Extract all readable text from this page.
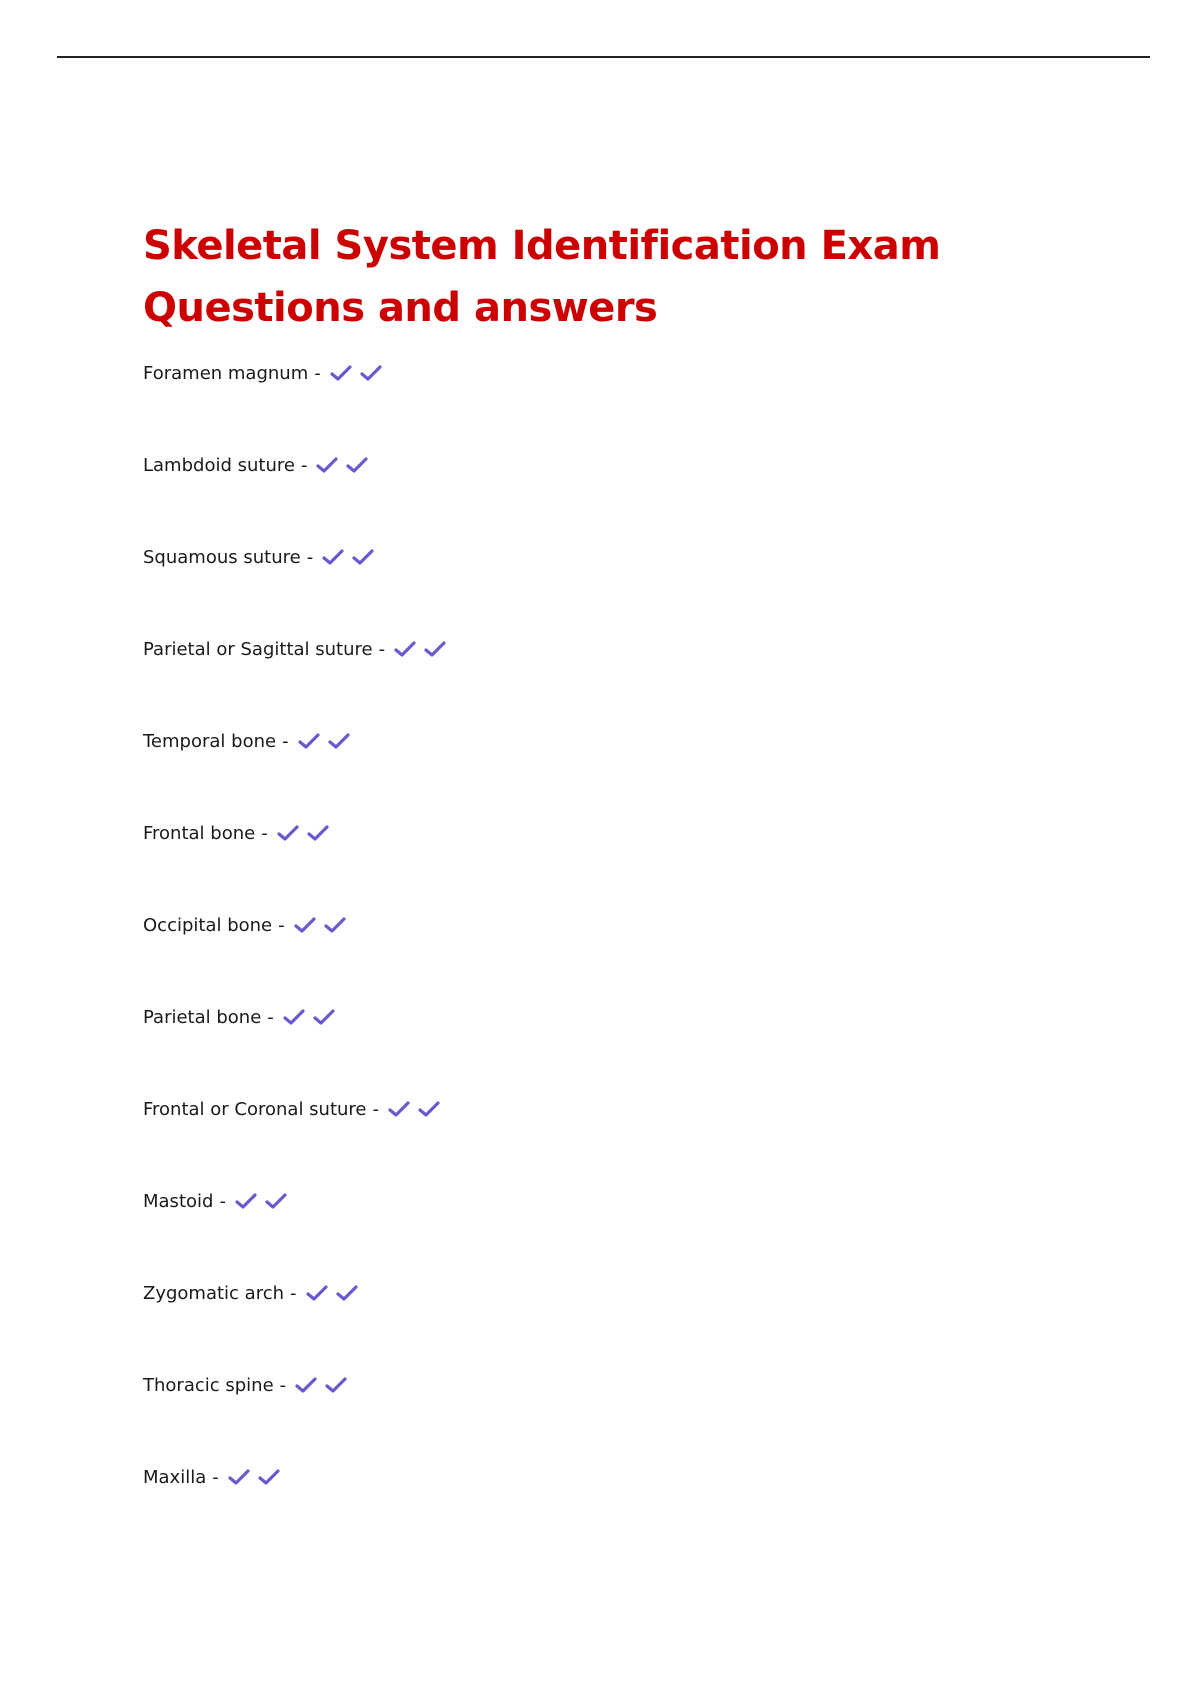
Skeletal System Identification Exam Questions and answers
Foramen magnum -
Lambdoid suture -
Squamous suture -
Parietal or Sagittal suture -
Temporal bone -
Frontal bone -
Occipital bone -
Parietal bone -
Frontal or Coronal suture -
Mastoid -
Zygomatic arch -
Thoracic spine -
Maxilla -
